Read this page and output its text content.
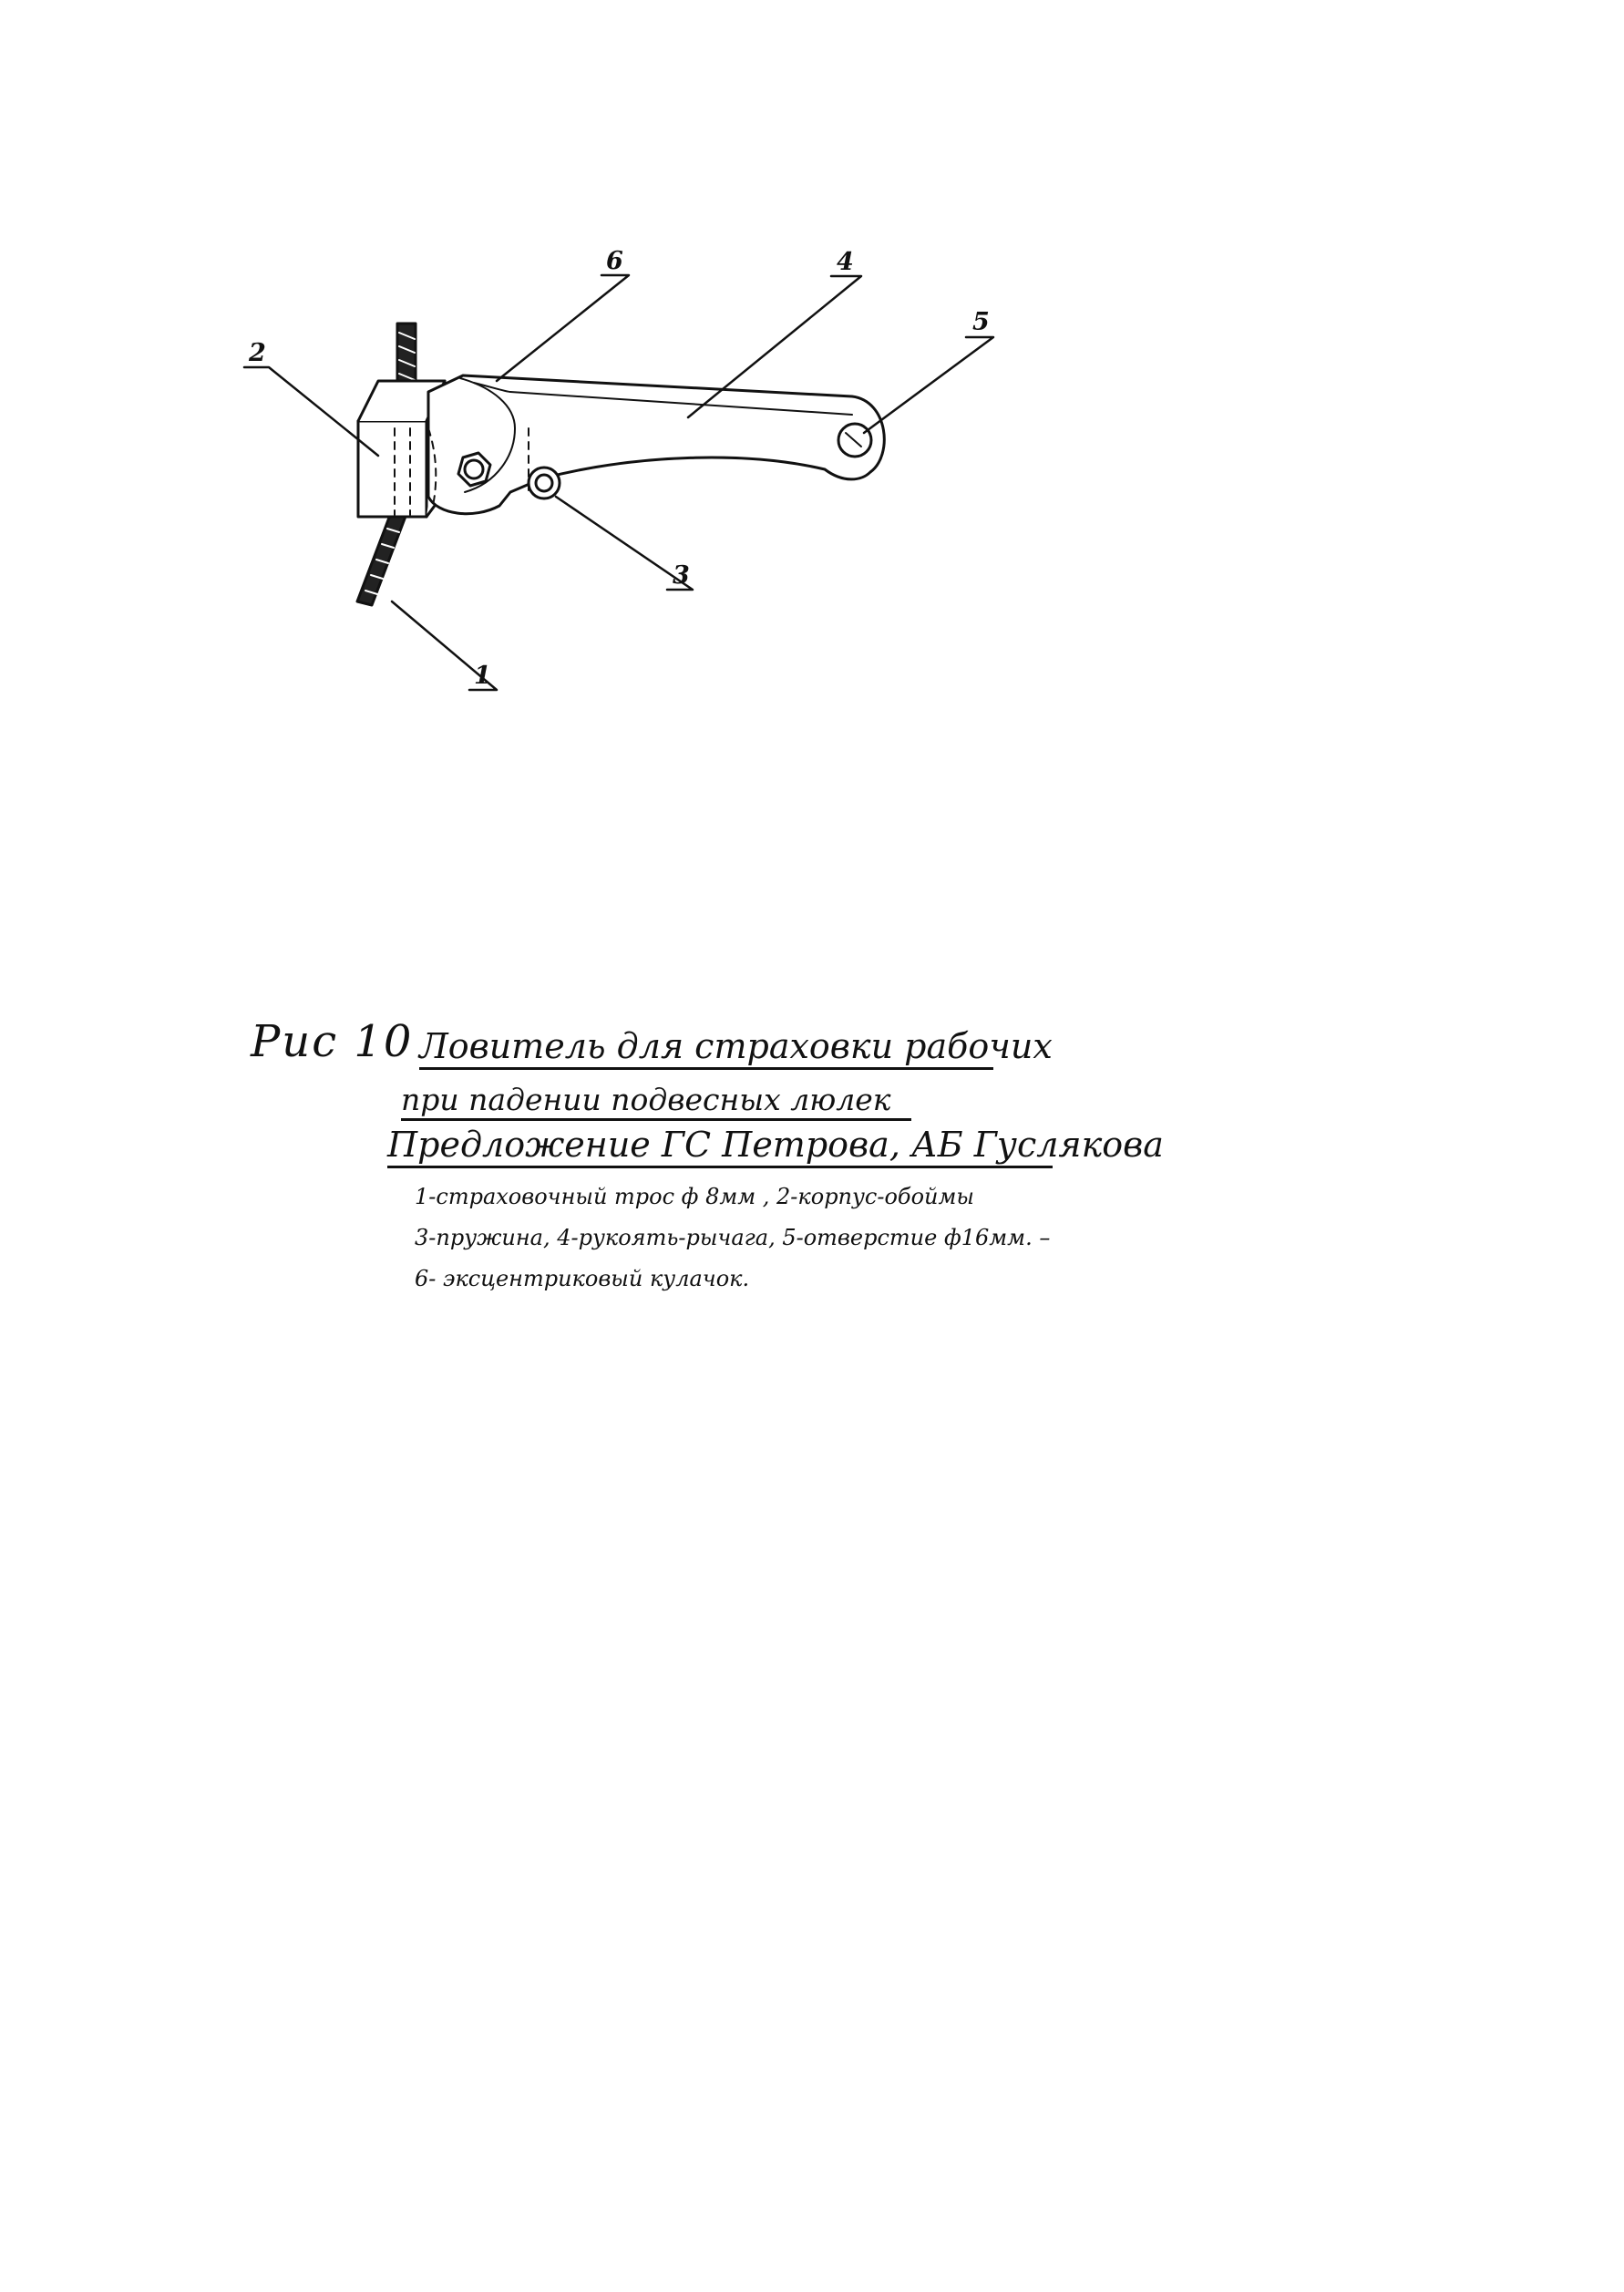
2
6	4
5
3
1
Рис 10 Ловитель для страховки рабочих
при падении подвесных люлек
Предложение ГС Петрова, АБ Гуслякова
1-страховочный трос ф 8мм , 2-корпус-обоймы
3-пружина, 4-рукоять-рычага, 5-отверстие ф16мм. –
6- эксцентриковый кулачок.
